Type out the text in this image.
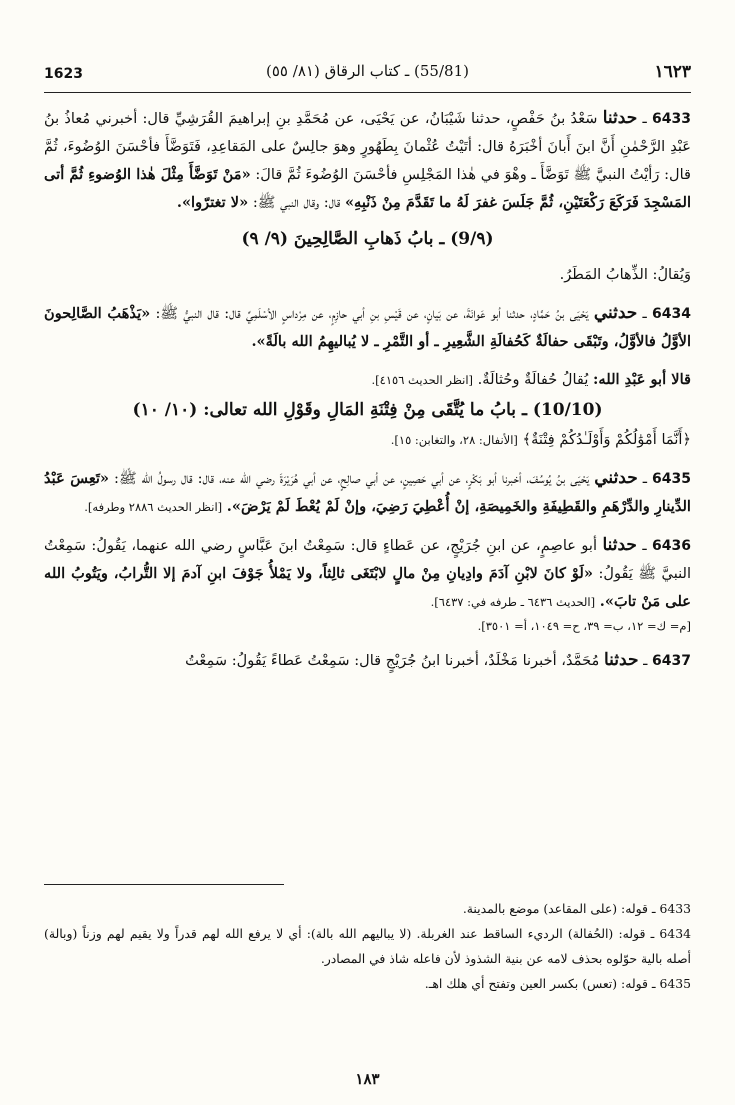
1623	(55/81) ـ كتاب الرقاق (٨١/ ٥٥)	١٦٢٣

6433 ـ حدثنا سَعْدُ بنُ حَفْصٍ، حدثنا شَيْبَانُ، عن يَحْيَى، عن مُحَمَّدِ بنِ إبراهيمَ القُرَشِيِّ قال: أخبرني مُعاذُ بنُ عَبْدِ الرَّحْمٰنِ أَنَّ ابنَ أَبانَ أخْبَرَهُ قال: أتَيْتُ عُثْمانَ بِطَهُورٍ وهوَ جالِسٌ على المَقاعِدِ، فَتَوَضَّأَ فأحْسَنَ الوُضُوءَ، ثُمَّ قال: رَأيْتُ النبيَّ ﷺ تَوَضَّأَ ـ وهْوَ في هٰذا المَجْلِسِ فأحْسَنَ الوُضُوءَ ثُمَّ قالَ: «مَنْ تَوَضَّأَ مِثْلَ هٰذا الوُضوءِ ثُمَّ أتى المَسْجِدَ فَرَكَعَ رَكْعَتَيْنِ، ثُمَّ جَلَسَ غفرَ لَهُ ما تَقَدَّمَ مِنْ ذَنْبِهِ» قال: وقال النبي ﷺ: «لا تغترّوا».

(٩/9) ـ بابُ ذَهابِ الصَّالِحِينَ (٩/ ٩)

وَيُقالُ: الذِّهابُ المَطَرُ.

6434 ـ حدثني يَحْيَى بنُ حَمَّادٍ، حدثنا أبو عَوانَةَ، عن بَيانٍ، عن قَيْسِ بنِ أبي حازِمٍ، عن مِرْداسٍ الأسْلَمِيِّ قال: قال النبيُّ ﷺ: «يَذْهَبُ الصَّالِحونَ الأوَّلُ فالأوَّلُ، وتَبْقَى حفالَةٌ كَحُفالَةِ الشَّعِيرِ ـ أو التَّمْرِ ـ لا يُباليهِمُ الله بالَةً».

قالا أبو عَبْدِ الله: يُقالُ حُفالَةٌ وحُثالَةٌ. [انظر الحديث ٤١٥٦].

(10/10) ـ بابُ ما يُتَّقَى مِنْ فِتْنَةِ المَالِ وقَوْلِ الله تعالى: (١٠/ ١٠)

﴿أَنَّمَا أَمْوَٰلُكُمْ وَأَوْلَـٰدُكُمْ فِتْنَةٌ﴾ [الأنفال: ٢٨، والتغابن: ١٥].

6435 ـ حدثني يَحْيَى بنُ يُوسُفَ، أخبرنا أبو بَكْرٍ، عن أبي حَصِينٍ، عن أبي صالِحٍ، عن أبي هُرَيْرَةَ رضي الله عنه، قال: قال رسولُ الله ﷺ: «تَعِسَ عَبْدُ الدِّينارِ والدِّرْهَمِ والقَطِيفَةِ والخَمِيصَةِ، إنْ أُعْطِيَ رَضِيَ، وإنْ لَمْ يُعْطَ لَمْ يَرْضَ». [انظر الحديث ٢٨٨٦ وطرفه].

6436 ـ حدثنا أبو عاصِمٍ، عن ابنِ جُرَيْجٍ، عن عَطاءٍ قال: سَمِعْتُ ابنَ عَبَّاسٍ رضي الله عنهما، يَقُولُ: سَمِعْتُ النبيَّ ﷺ يَقُولُ: «لَوْ كانَ لابْنِ آدَمَ وادِيانِ مِنْ مالٍ لابْتَغَى ثالِثاً، ولا يَمْلأُ جَوْفَ ابنِ آدمَ إلا التُّرابُ، ويَتُوبُ الله على مَنْ تابَ». [الحديث ٦٤٣٦ ـ طرفه في: ٦٤٣٧].

[م= ك= ١٢، ب= ٣٩، ح= ١٠٤٩، أ= ٣٥٠١].

6437 ـ حدثنا مُحَمَّدٌ، أخبرنا مَخْلَدٌ، أخبرنا ابنُ جُرَيْجٍ قال: سَمِعْتُ عَطاءً يَقُولُ: سَمِعْتُ

6433 ـ قوله: (على المقاعد) موضع بالمدينة.

6434 ـ قوله: (الحُفالة) الرديء الساقط عند الغربلة. (لا يباليهم الله بالة): أي لا يرفع الله لهم قدراً ولا يقيم لهم وزناً (وبالة) أصله بالية حوّلوه بحذف لامه عن بنية الشذوذ لأن فاعله شاذ في المصادر.

6435 ـ قوله: (تعس) بكسر العين وتفتح أي هلك اهـ.

١٨٣
